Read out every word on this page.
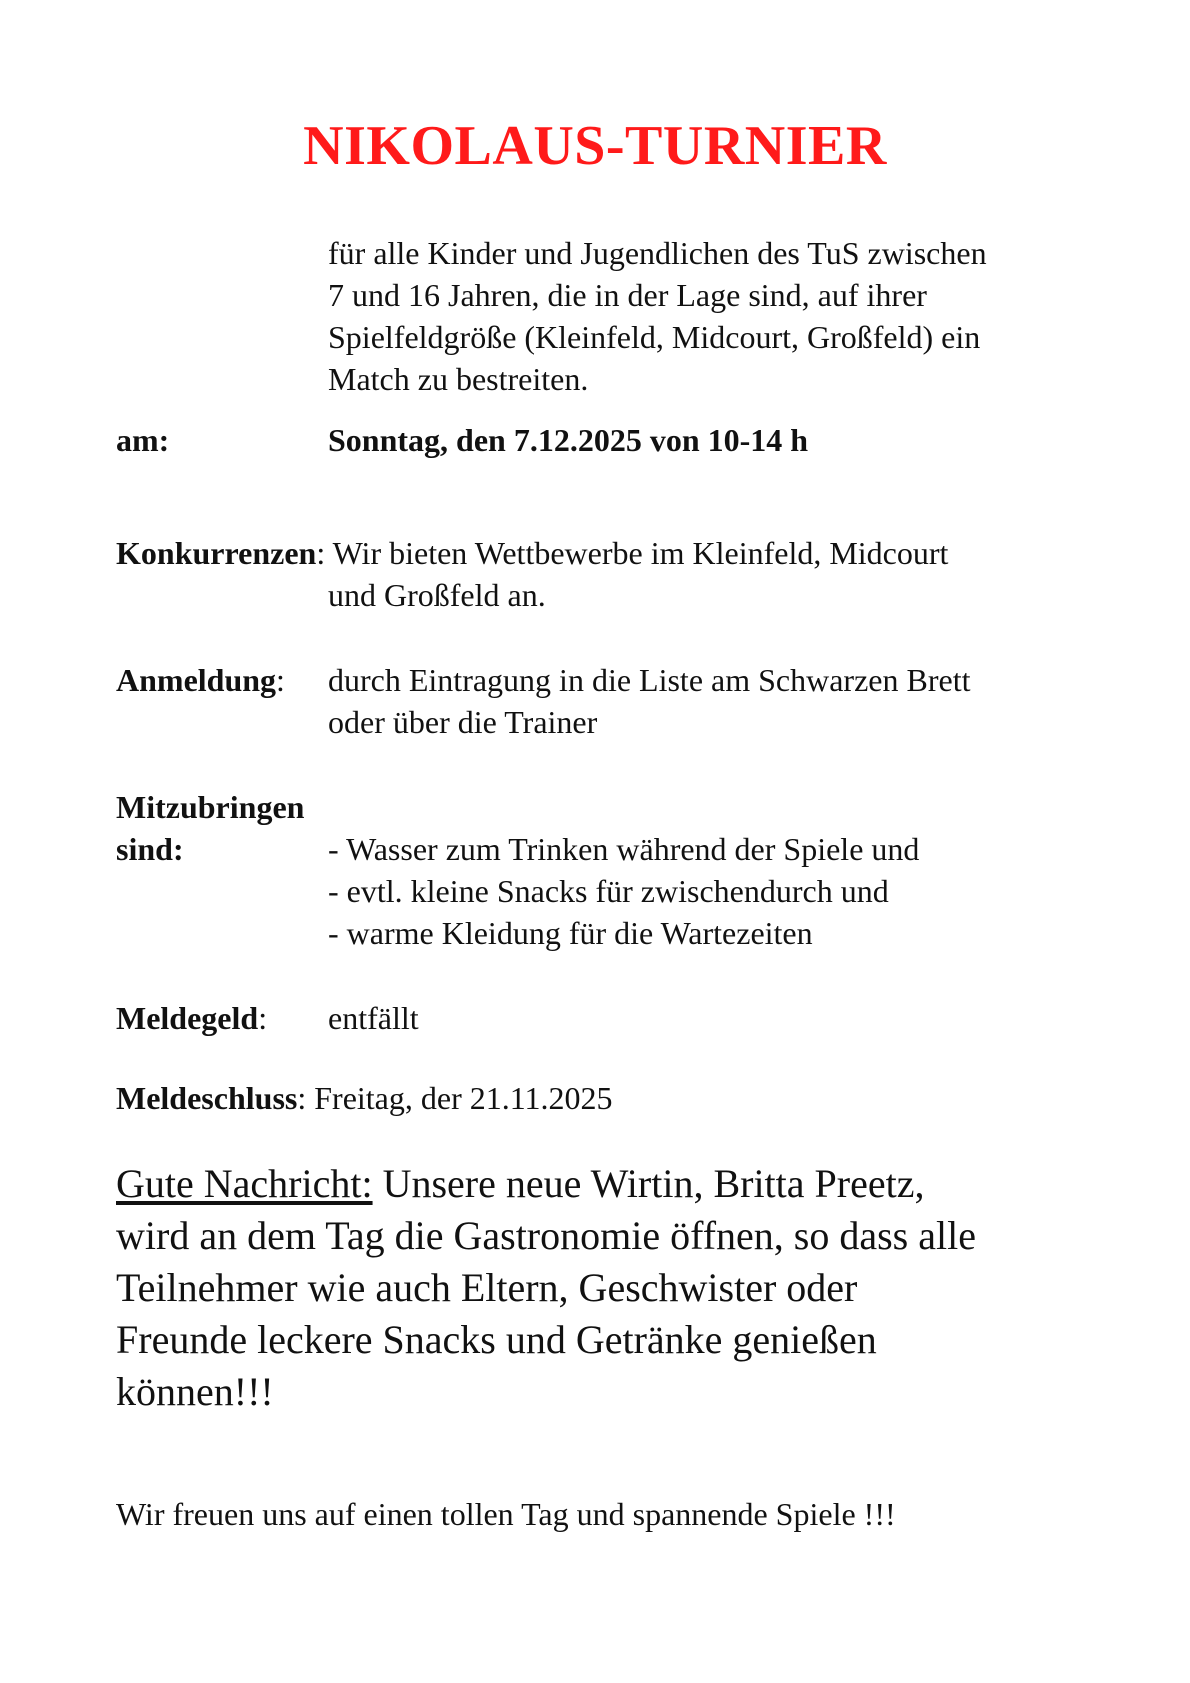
NIKOLAUS-TURNIER
für alle Kinder und Jugendlichen des TuS zwischen
7 und 16 Jahren, die in der Lage sind, auf ihrer
Spielfeldgröße (Kleinfeld, Midcourt, Großfeld) ein
Match zu bestreiten.
am:	Sonntag, den 7.12.2025 von 10-14 h
Konkurrenzen: Wir bieten Wettbewerbe im Kleinfeld, Midcourt
und Großfeld an.
Anmeldung: durch Eintragung in die Liste am Schwarzen Brett
oder über die Trainer
Mitzubringen
sind:	- Wasser zum Trinken während der Spiele und
- evtl. kleine Snacks für zwischendurch und
- warme Kleidung für die Wartezeiten
Meldegeld: entfällt
Meldeschluss: Freitag, der 21.11.2025
Gute Nachricht: Unsere neue Wirtin, Britta Preetz,
wird an dem Tag die Gastronomie öffnen, so dass alle
Teilnehmer wie auch Eltern, Geschwister oder
Freunde leckere Snacks und Getränke genießen
können!!!
Wir freuen uns auf einen tollen Tag und spannende Spiele !!!
